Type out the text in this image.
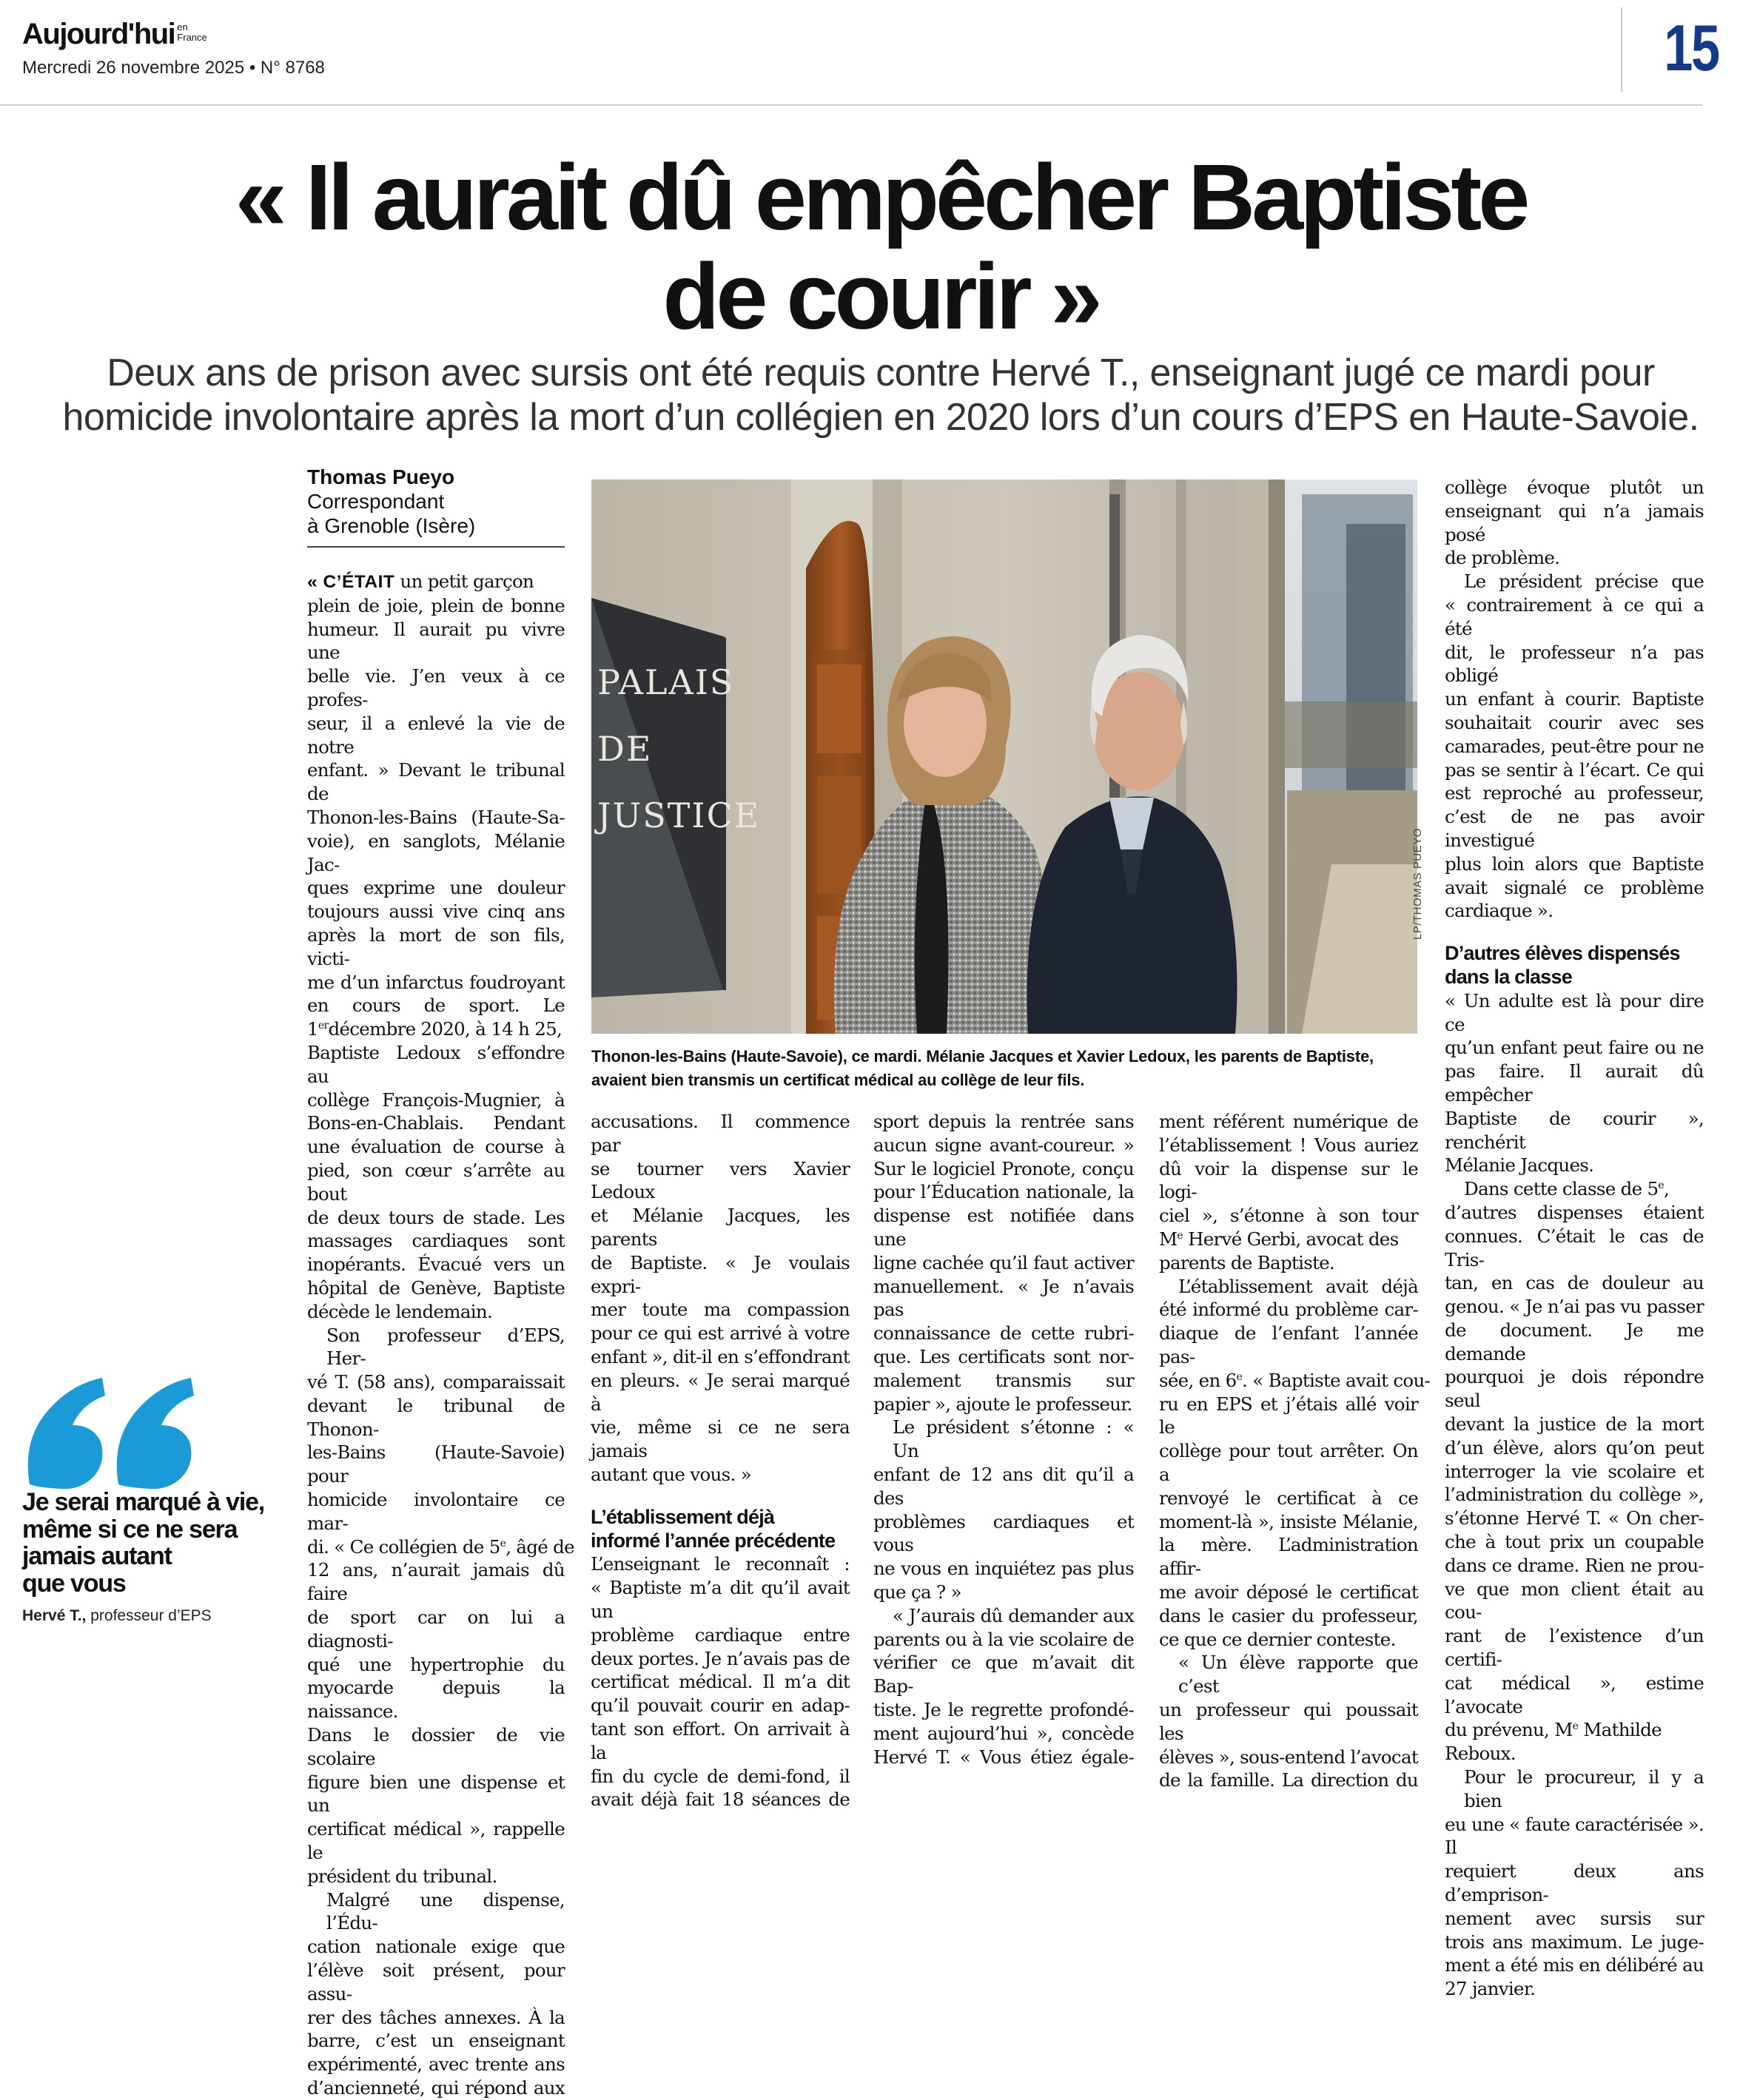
Aujourd'hui en
France
Mercredi 26 novembre 2025 • N° 8768	15
« Il aurait dû empêcher Baptiste
de courir »
Deux ans de prison avec sursis ont été requis contre Hervé T., enseignant jugé ce mardi pour
homicide involontaire après la mort d’un collégien en 2020 lors d’un cours d’EPS en Haute-Savoie.
Thomas Pueyo
Correspondant
à Grenoble (Isère)
« C’ÉTAIT un petit garçon
plein de joie, plein de bonne
humeur. Il aurait pu vivre une
belle vie. J’en veux à ce profes-
seur, il a enlevé la vie de notre
enfant. » Devant le tribunal de
Thonon-les-Bains (Haute-Sa-
voie), en sanglots, Mélanie Jac-
ques exprime une douleur
toujours aussi vive cinq ans
après la mort de son fils, victi-
me d’un infarctus foudroyant
en cours de sport. Le
1erdécembre 2020, à 14 h 25,
Baptiste Ledoux s’effondre au
collège François-Mugnier, à
Bons-en-Chablais. Pendant
une évaluation de course à
pied, son cœur s’arrête au bout
de deux tours de stade. Les
massages cardiaques sont
inopérants. Évacué vers un
hôpital de Genève, Baptiste
décède le lendemain.
Son professeur d’EPS, Her-
vé T. (58 ans), comparaissait
devant le tribunal de Thonon-
les-Bains (Haute-Savoie) pour
homicide involontaire ce mar-
di. « Ce collégien de 5e, âgé de
12 ans, n’aurait jamais dû faire
de sport car on lui a diagnosti-
qué une hypertrophie du
myocarde depuis la naissance.
Dans le dossier de vie scolaire
figure bien une dispense et un
certificat médical », rappelle le
président du tribunal.
Malgré une dispense, l’Édu-
cation nationale exige que
l’élève soit présent, pour assu-
rer des tâches annexes. À la
barre, c’est un enseignant
expérimenté, avec trente ans
d’ancienneté, qui répond aux
PALAIS
DE
JUSTICE
LP/THOMAS PUEYO
Thonon-les-Bains (Haute-Savoie), ce mardi. Mélanie Jacques et Xavier Ledoux, les parents de Baptiste,
avaient bien transmis un certificat médical au collège de leur fils.
accusations. Il commence par
se tourner vers Xavier Ledoux
et Mélanie Jacques, les parents
de Baptiste. « Je voulais expri-
mer toute ma compassion
pour ce qui est arrivé à votre
enfant », dit-il en s’effondrant
en pleurs. « Je serai marqué à
vie, même si ce ne sera jamais
autant que vous. »
L’établissement déjà
informé l’année précédente
L’enseignant le reconnaît :
« Baptiste m’a dit qu’il avait un
problème cardiaque entre
deux portes. Je n’avais pas de
certificat médical. Il m’a dit
qu’il pouvait courir en adap-
tant son effort. On arrivait à la
fin du cycle de demi-fond, il
avait déjà fait 18 séances de
sport depuis la rentrée sans
aucun signe avant-coureur. »
Sur le logiciel Pronote, conçu
pour l’Éducation nationale, la
dispense est notifiée dans une
ligne cachée qu’il faut activer
manuellement. « Je n’avais pas
connaissance de cette rubri-
que. Les certificats sont nor-
malement transmis sur
papier », ajoute le professeur.
Le président s’étonne : « Un
enfant de 12 ans dit qu’il a des
problèmes cardiaques et vous
ne vous en inquiétez pas plus
que ça ? »
« J’aurais dû demander aux
parents ou à la vie scolaire de
vérifier ce que m’avait dit Bap-
tiste. Je le regrette profondé-
ment aujourd’hui », concède
Hervé T. « Vous étiez égale-
ment référent numérique de
l’établissement ! Vous auriez
dû voir la dispense sur le logi-
ciel », s’étonne à son tour
Me Hervé Gerbi, avocat des
parents de Baptiste.
L’établissement avait déjà
été informé du problème car-
diaque de l’enfant l’année pas-
sée, en 6e. « Baptiste avait cou-
ru en EPS et j’étais allé voir le
collège pour tout arrêter. On a
renvoyé le certificat à ce
moment-là », insiste Mélanie,
la mère. L’administration affir-
me avoir déposé le certificat
dans le casier du professeur,
ce que ce dernier conteste.
« Un élève rapporte que c’est
un professeur qui poussait les
élèves », sous-entend l’avocat
de la famille. La direction du
collège évoque plutôt un
enseignant qui n’a jamais posé
de problème.
Le président précise que
« contrairement à ce qui a été
dit, le professeur n’a pas obligé
un enfant à courir. Baptiste
souhaitait courir avec ses
camarades, peut-être pour ne
pas se sentir à l’écart. Ce qui
est reproché au professeur,
c’est de ne pas avoir investigué
plus loin alors que Baptiste
avait signalé ce problème
cardiaque ».
D’autres élèves dispensés
dans la classe
« Un adulte est là pour dire ce
qu’un enfant peut faire ou ne
pas faire. Il aurait dû empêcher
Baptiste de courir », renchérit
Mélanie Jacques.
Dans cette classe de 5e,
d’autres dispenses étaient
connues. C’était le cas de Tris-
tan, en cas de douleur au
genou. « Je n’ai pas vu passer
de document. Je me demande
pourquoi je dois répondre seul
devant la justice de la mort
d’un élève, alors qu’on peut
interroger la vie scolaire et
l’administration du collège »,
s’étonne Hervé T. « On cher-
che à tout prix un coupable
dans ce drame. Rien ne prou-
ve que mon client était au cou-
rant de l’existence d’un certifi-
cat médical », estime l’avocate
du prévenu, Me Mathilde
Reboux.
Pour le procureur, il y a bien
eu une « faute caractérisée ». Il
requiert deux ans d’emprison-
nement avec sursis sur
trois ans maximum. Le juge-
ment a été mis en délibéré au
27 janvier.
Je serai marqué à vie,
même si ce ne sera
jamais autant
que vous
Hervé T., professeur d’EPS
